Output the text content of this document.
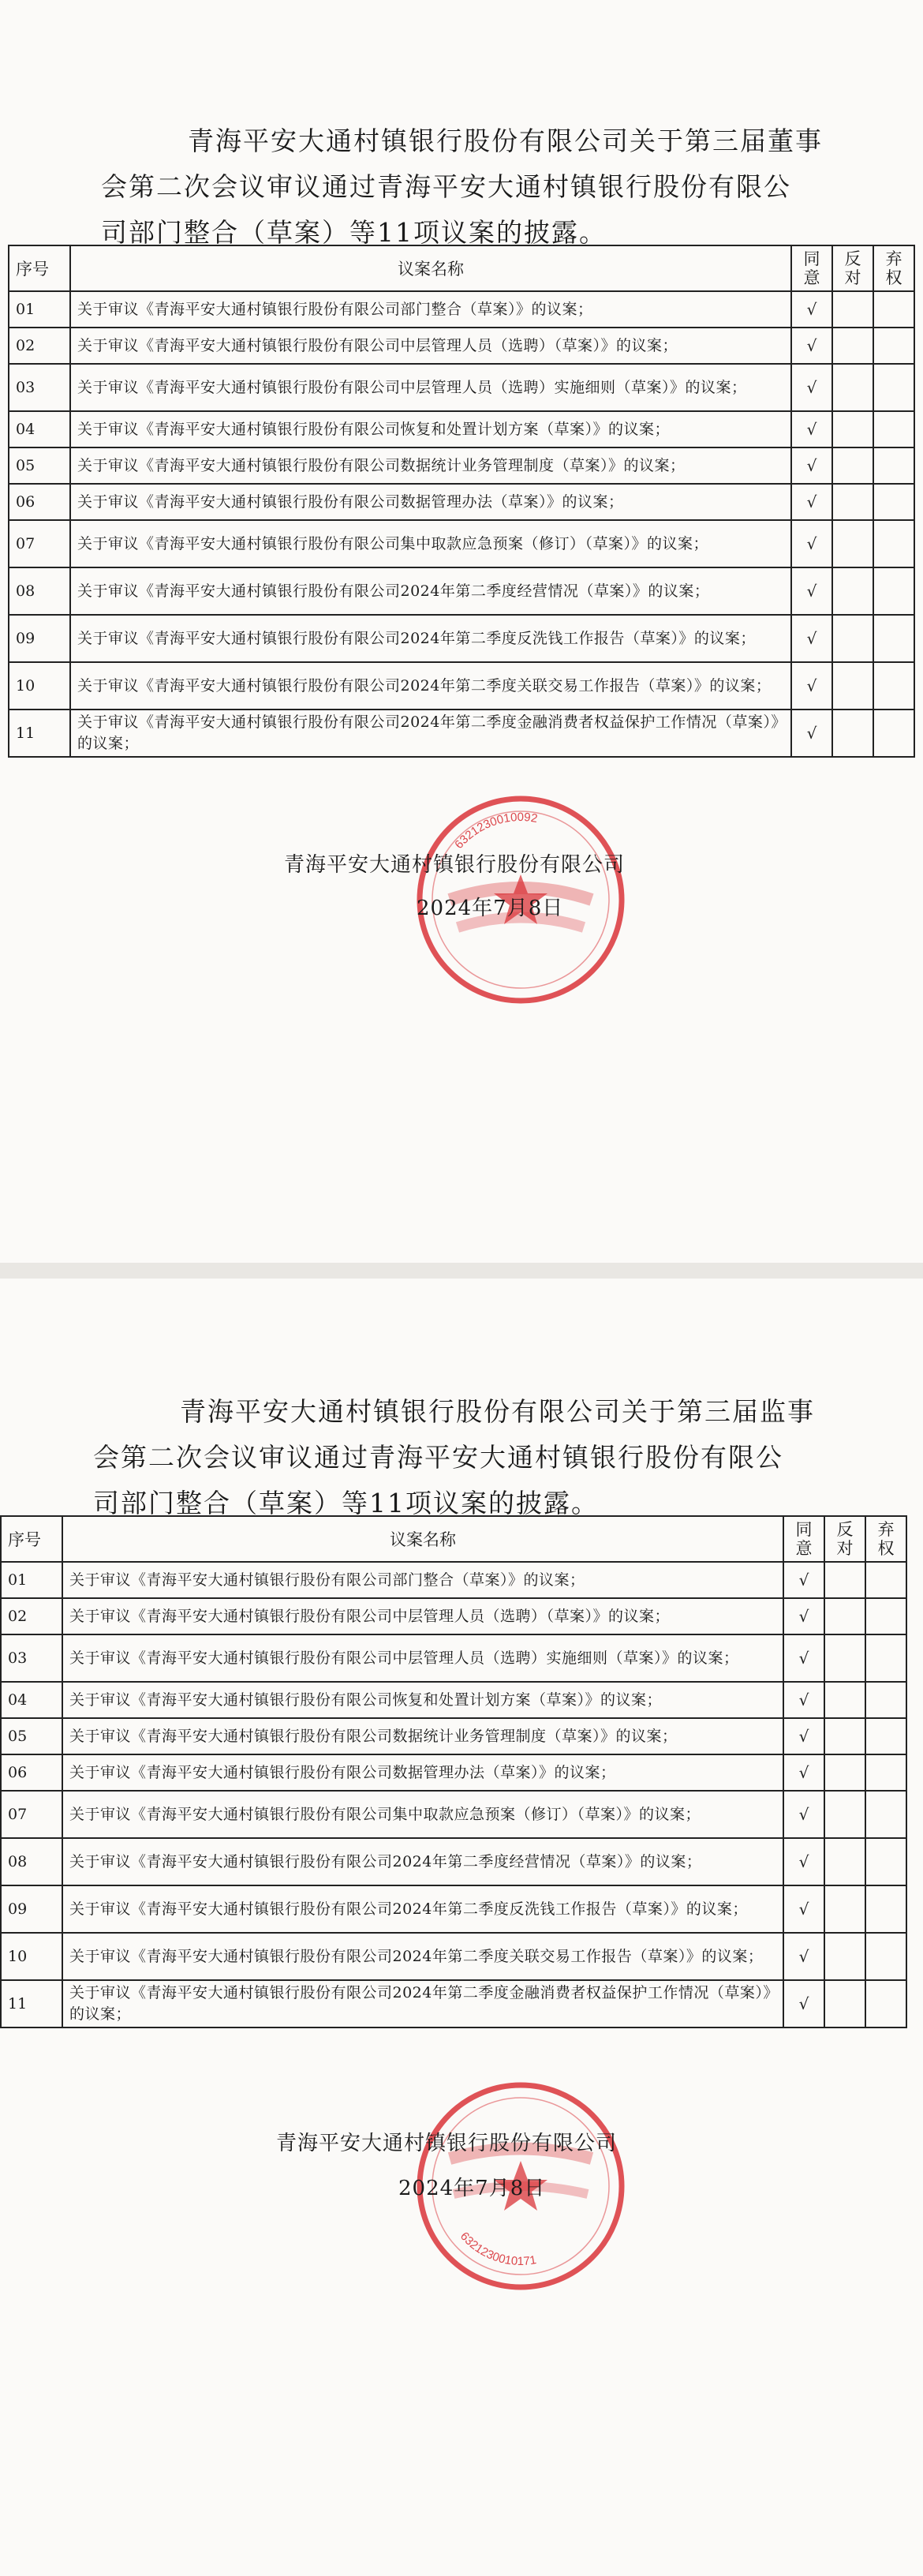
青海平安大通村镇银行股份有限公司关于第三届董事
会第二次会议审议通过青海平安大通村镇银行股份有限公
司部门整合（草案）等11项议案的披露。
序号	议案名称	同意	反对	弃权
01	关于审议《青海平安大通村镇银行股份有限公司部门整合（草案）》的议案；	√		
02	关于审议《青海平安大通村镇银行股份有限公司中层管理人员（选聘）（草案）》的议案；	√		
03	关于审议《青海平安大通村镇银行股份有限公司中层管理人员（选聘）实施细则（草案）》的议案；	√		
04	关于审议《青海平安大通村镇银行股份有限公司恢复和处置计划方案（草案）》的议案；	√		
05	关于审议《青海平安大通村镇银行股份有限公司数据统计业务管理制度（草案）》的议案；	√		
06	关于审议《青海平安大通村镇银行股份有限公司数据管理办法（草案）》的议案；	√		
07	关于审议《青海平安大通村镇银行股份有限公司集中取款应急预案（修订）（草案）》的议案；	√		
08	关于审议《青海平安大通村镇银行股份有限公司2024年第二季度经营情况（草案）》的议案；	√		
09	关于审议《青海平安大通村镇银行股份有限公司2024年第二季度反洗钱工作报告（草案）》的议案；	√		
10	关于审议《青海平安大通村镇银行股份有限公司2024年第二季度关联交易工作报告（草案）》的议案；	√		
11	关于审议《青海平安大通村镇银行股份有限公司2024年第二季度金融消费者权益保护工作情况（草案）》的议案；	√		
6321230010092
青海平安大通村镇银行股份有限公司
2024年7月8日
青海平安大通村镇银行股份有限公司关于第三届监事
会第二次会议审议通过青海平安大通村镇银行股份有限公
司部门整合（草案）等11项议案的披露。
序号	议案名称	同意	反对	弃权
01	关于审议《青海平安大通村镇银行股份有限公司部门整合（草案）》的议案；	√		
02	关于审议《青海平安大通村镇银行股份有限公司中层管理人员（选聘）（草案）》的议案；	√		
03	关于审议《青海平安大通村镇银行股份有限公司中层管理人员（选聘）实施细则（草案）》的议案；	√		
04	关于审议《青海平安大通村镇银行股份有限公司恢复和处置计划方案（草案）》的议案；	√		
05	关于审议《青海平安大通村镇银行股份有限公司数据统计业务管理制度（草案）》的议案；	√		
06	关于审议《青海平安大通村镇银行股份有限公司数据管理办法（草案）》的议案；	√		
07	关于审议《青海平安大通村镇银行股份有限公司集中取款应急预案（修订）（草案）》的议案；	√		
08	关于审议《青海平安大通村镇银行股份有限公司2024年第二季度经营情况（草案）》的议案；	√		
09	关于审议《青海平安大通村镇银行股份有限公司2024年第二季度反洗钱工作报告（草案）》的议案；	√		
10	关于审议《青海平安大通村镇银行股份有限公司2024年第二季度关联交易工作报告（草案）》的议案；	√		
11	关于审议《青海平安大通村镇银行股份有限公司2024年第二季度金融消费者权益保护工作情况（草案）》的议案；	√		
6321230010171
青海平安大通村镇银行股份有限公司
2024年7月8日
